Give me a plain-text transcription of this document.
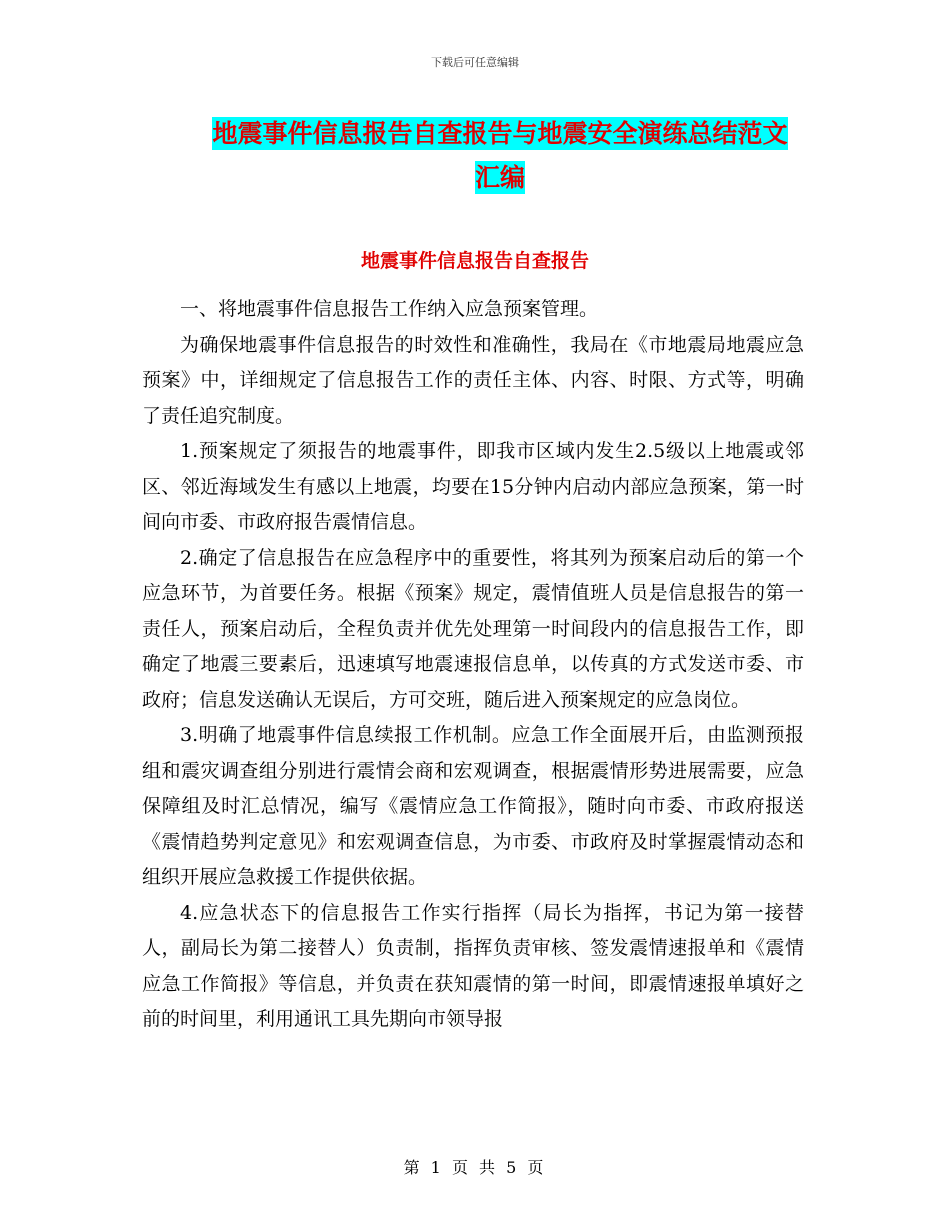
下载后可任意编辑
地震事件信息报告自查报告与地震安全演练总结范文
汇编
地震事件信息报告自查报告

一、将地震事件信息报告工作纳入应急预案管理。

为确保地震事件信息报告的时效性和准确性，我局在《市地震局地震应急预案》中，详细规定了信息报告工作的责任主体、内容、时限、方式等，明确了责任追究制度。

1.预案规定了须报告的地震事件，即我市区域内发生2.5级以上地震或邻区、邻近海域发生有感以上地震，均要在15分钟内启动内部应急预案，第一时间向市委、市政府报告震情信息。

2.确定了信息报告在应急程序中的重要性，将其列为预案启动后的第一个应急环节，为首要任务。根据《预案》规定，震情值班人员是信息报告的第一责任人，预案启动后，全程负责并优先处理第一时间段内的信息报告工作，即确定了地震三要素后，迅速填写地震速报信息单，以传真的方式发送市委、市政府；信息发送确认无误后，方可交班，随后进入预案规定的应急岗位。

3.明确了地震事件信息续报工作机制。应急工作全面展开后，由监测预报组和震灾调查组分别进行震情会商和宏观调查，根据震情形势进展需要，应急保障组及时汇总情况，编写《震情应急工作简报》，随时向市委、市政府报送《震情趋势判定意见》和宏观调查信息，为市委、市政府及时掌握震情动态和组织开展应急救援工作提供依据。

4.应急状态下的信息报告工作实行指挥（局长为指挥，书记为第一接替人，副局长为第二接替人）负责制，指挥负责审核、签发震情速报单和《震情应急工作简报》等信息，并负责在获知震情的第一时间，即震情速报单填好之前的时间里，利用通讯工具先期向市领导报

第 1 页 共 5 页
